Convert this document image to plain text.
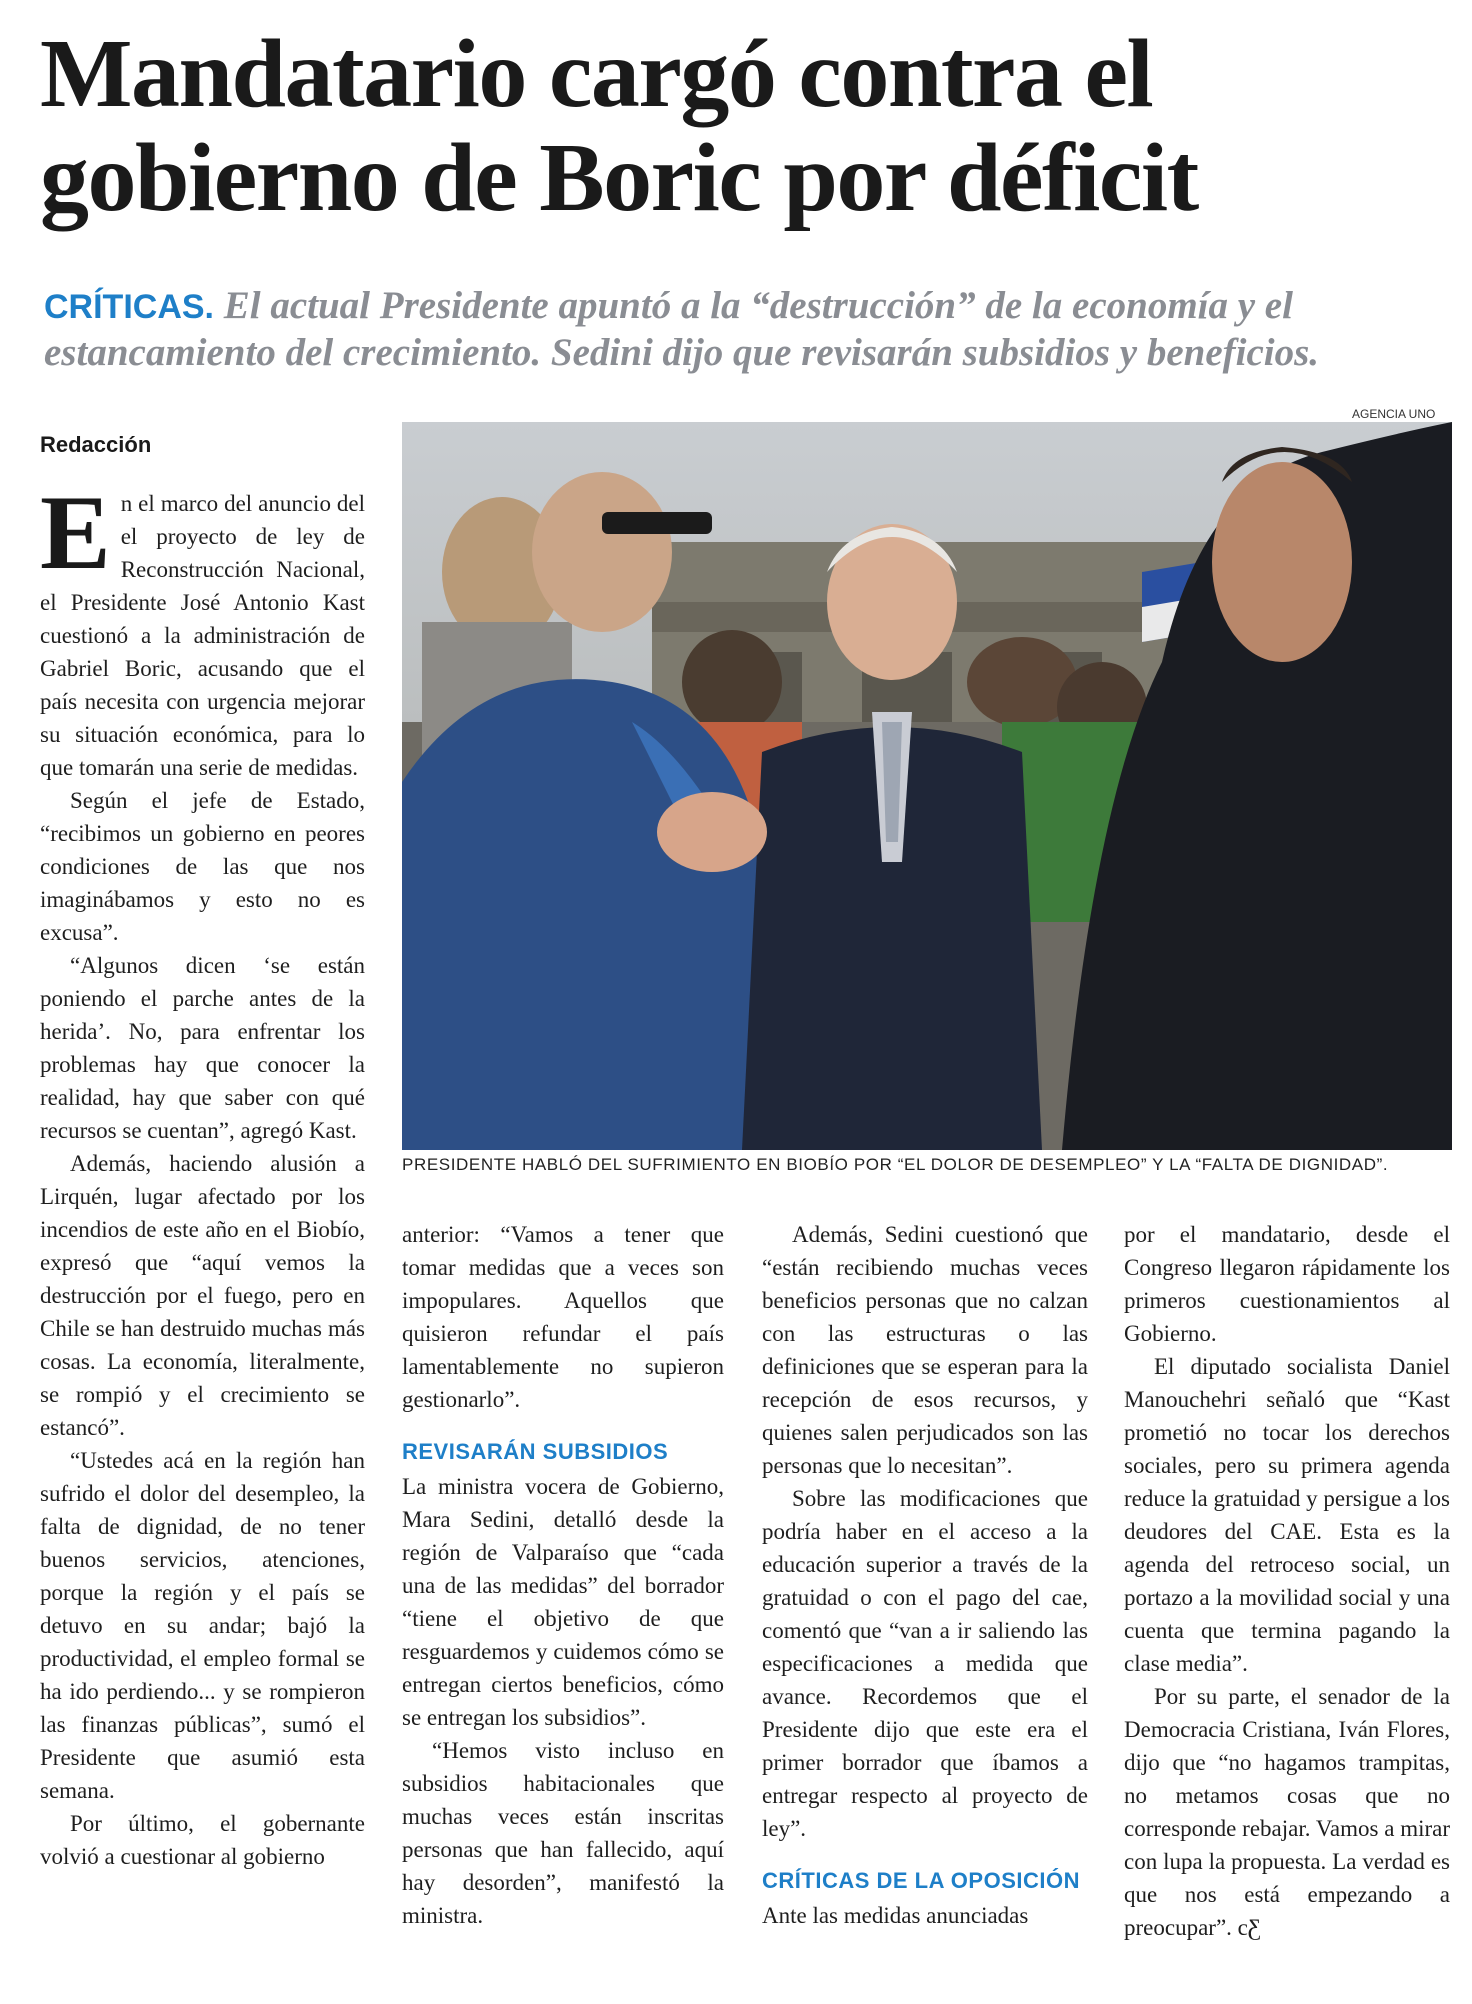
Mandatario cargó contra el gobierno de Boric por déficit

CRÍTICAS. El actual Presidente apuntó a la “destrucción” de la economía y el estancamiento del crecimiento. Sedini dijo que revisarán subsidios y beneficios.

AGENCIA UNO
PRESIDENTE HABLÓ DEL SUFRIMIENTO EN BIOBÍO POR “EL DOLOR DE DESEMPLEO” Y LA “FALTA DE DIGNIDAD”.
Redacción

En el marco del anuncio del el proyecto de ley de Reconstrucción Nacional, el Presidente José Antonio Kast cuestionó a la administración de Gabriel Boric, acusando que el país necesita con urgencia mejorar su situación económica, para lo que tomarán una serie de medidas.

Según el jefe de Estado, “recibimos un gobierno en peores condiciones de las que nos imaginábamos y esto no es excusa”.

“Algunos dicen ‘se están poniendo el parche antes de la herida’. No, para enfrentar los problemas hay que conocer la realidad, hay que saber con qué recursos se cuentan”, agregó Kast.

Además, haciendo alusión a Lirquén, lugar afectado por los incendios de este año en el Biobío, expresó que “aquí vemos la destrucción por el fuego, pero en Chile se han destruido muchas más cosas. La economía, literalmente, se rompió y el crecimiento se estancó”.

“Ustedes acá en la región han sufrido el dolor del desempleo, la falta de dignidad, de no tener buenos servicios, atenciones, porque la región y el país se detuvo en su andar; bajó la productividad, el empleo formal se ha ido perdiendo... y se rompieron las finanzas públicas”, sumó el Presidente que asumió esta semana.

Por último, el gobernante volvió a cuestionar al gobierno

anterior: “Vamos a tener que tomar medidas que a veces son impopulares. Aquellos que quisieron refundar el país lamentablemente no supieron gestionarlo”.

REVISARÁN SUBSIDIOS

La ministra vocera de Gobierno, Mara Sedini, detalló desde la región de Valparaíso que “cada una de las medidas” del borrador “tiene el objetivo de que resguardemos y cuidemos cómo se entregan ciertos beneficios, cómo se entregan los subsidios”.

“Hemos visto incluso en subsidios habitacionales que muchas veces están inscritas personas que han fallecido, aquí hay desorden”, manifestó la ministra.

Además, Sedini cuestionó que “están recibiendo muchas veces beneficios personas que no calzan con las estructuras o las definiciones que se esperan para la recepción de esos recursos, y quienes salen perjudicados son las personas que lo necesitan”.

Sobre las modificaciones que podría haber en el acceso a la educación superior a través de la gratuidad o con el pago del cae, comentó que “van a ir saliendo las especificaciones a medida que avance. Recordemos que el Presidente dijo que este era el primer borrador que íbamos a entregar respecto al proyecto de ley”.

CRÍTICAS DE LA OPOSICIÓN

Ante las medidas anunciadas

por el mandatario, desde el Congreso llegaron rápidamente los primeros cuestionamientos al Gobierno.

El diputado socialista Daniel Manouchehri señaló que “Kast prometió no tocar los derechos sociales, pero su primera agenda reduce la gratuidad y persigue a los deudores del CAE. Esta es la agenda del retroceso social, un portazo a la movilidad social y una cuenta que termina pagando la clase media”.

Por su parte, el senador de la Democracia Cristiana, Iván Flores, dijo que “no hagamos trampitas, no metamos cosas que no corresponde rebajar. Vamos a mirar con lupa la propuesta. La verdad es que nos está empezando a preocupar”. cƸ
